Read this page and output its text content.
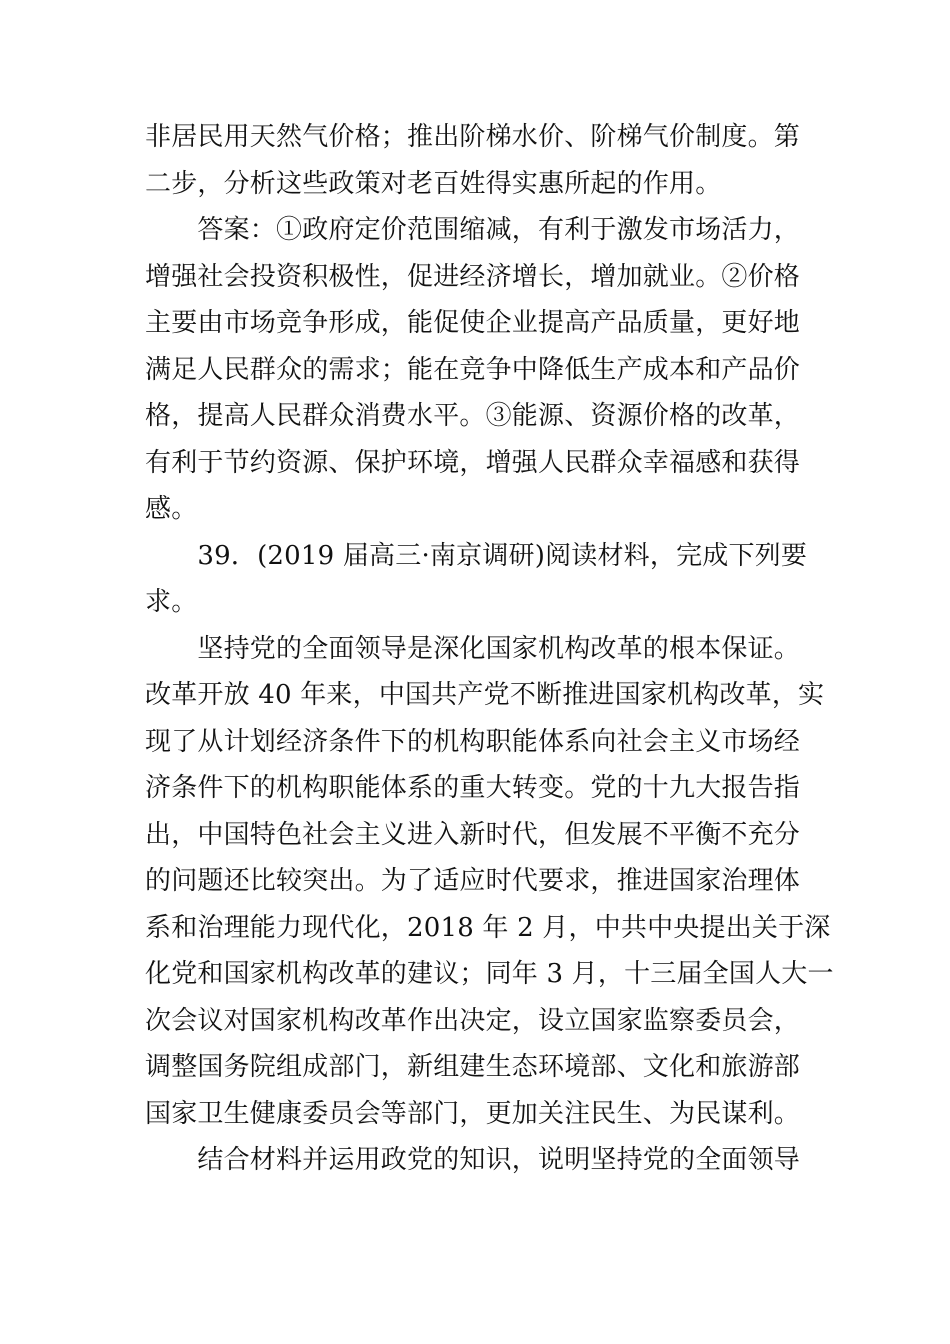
非居民用天然气价格；推出阶梯水价、阶梯气价制度。第
二步，分析这些政策对老百姓得实惠所起的作用。
　　答案：①政府定价范围缩减，有利于激发市场活力，
增强社会投资积极性，促进经济增长，增加就业。②价格
主要由市场竞争形成，能促使企业提高产品质量，更好地
满足人民群众的需求；能在竞争中降低生产成本和产品价
格，提高人民群众消费水平。③能源、资源价格的改革，
有利于节约资源、保护环境，增强人民群众幸福感和获得
感。
　　39．(2019 届高三·南京调研)阅读材料，完成下列要
求。
　　坚持党的全面领导是深化国家机构改革的根本保证。
改革开放 40 年来，中国共产党不断推进国家机构改革，实
现了从计划经济条件下的机构职能体系向社会主义市场经
济条件下的机构职能体系的重大转变。党的十九大报告指
出，中国特色社会主义进入新时代，但发展不平衡不充分
的问题还比较突出。为了适应时代要求，推进国家治理体
系和治理能力现代化，2018 年 2 月，中共中央提出关于深
化党和国家机构改革的建议；同年 3 月，十三届全国人大一
次会议对国家机构改革作出决定，设立国家监察委员会，
调整国务院组成部门，新组建生态环境部、文化和旅游部
国家卫生健康委员会等部门，更加关注民生、为民谋利。
　　结合材料并运用政党的知识，说明坚持党的全面领导
